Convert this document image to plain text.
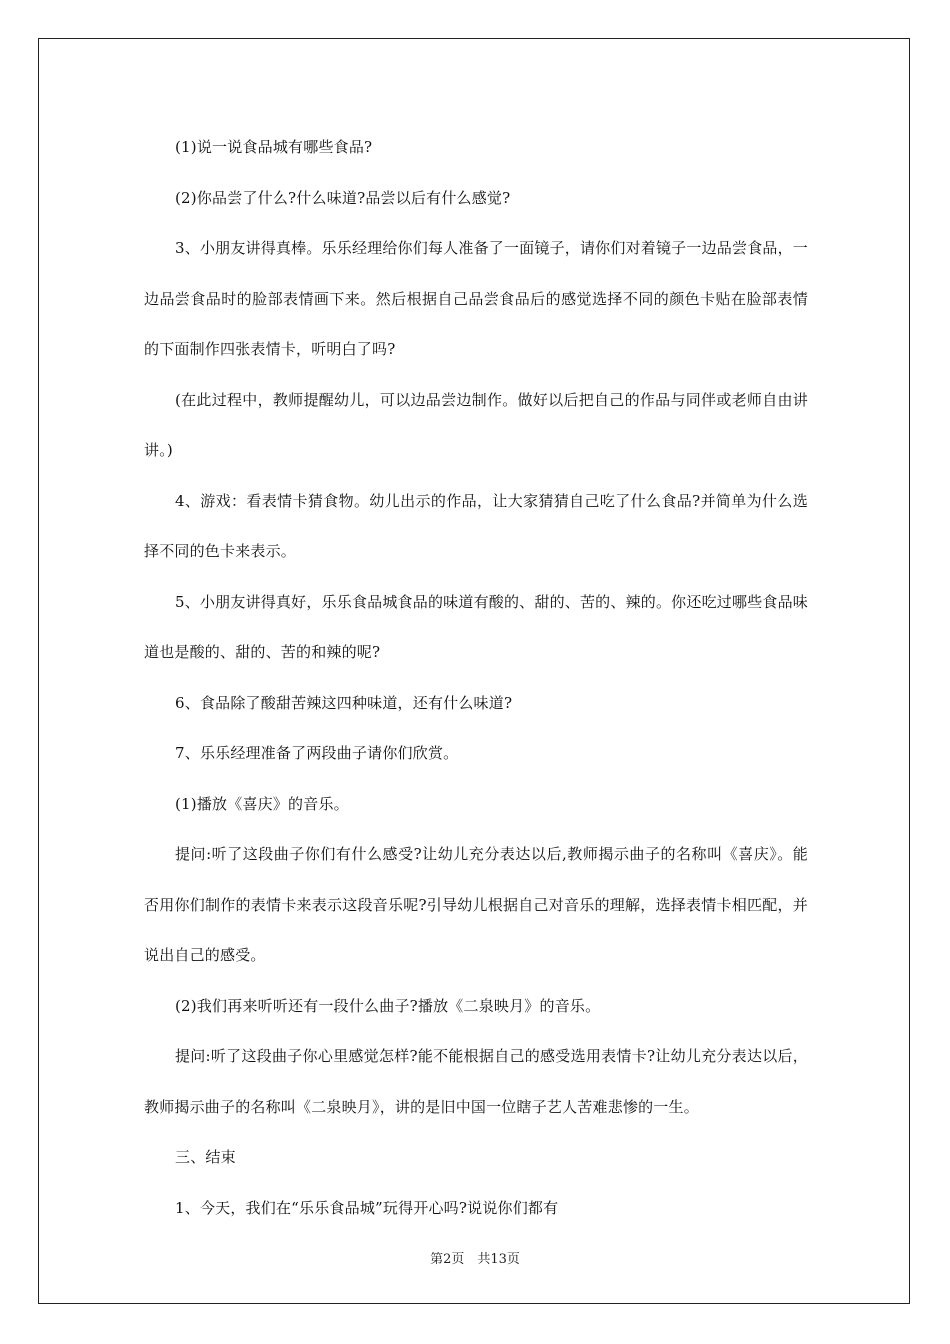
(1)说一说食品城有哪些食品?

(2)你品尝了什么?什么味道?品尝以后有什么感觉?

3、小朋友讲得真棒。乐乐经理给你们每人准备了一面镜子，请你们对着镜子一边品尝食品，一边品尝食品时的脸部表情画下来。然后根据自己品尝食品后的感觉选择不同的颜色卡贴在脸部表情的下面制作四张表情卡，听明白了吗?

(在此过程中，教师提醒幼儿，可以边品尝边制作。做好以后把自己的作品与同伴或老师自由讲讲。)

4、游戏：看表情卡猜食物。幼儿出示的作品，让大家猜猜自己吃了什么食品?并简单为什么选择不同的色卡来表示。

5、小朋友讲得真好，乐乐食品城食品的味道有酸的、甜的、苦的、辣的。你还吃过哪些食品味道也是酸的、甜的、苦的和辣的呢?

6、食品除了酸甜苦辣这四种味道，还有什么味道?

7、乐乐经理准备了两段曲子请你们欣赏。

(1)播放《喜庆》的音乐。

提问:听了这段曲子你们有什么感受?让幼儿充分表达以后,教师揭示曲子的名称叫《喜庆》。能否用你们制作的表情卡来表示这段音乐呢?引导幼儿根据自己对音乐的理解，选择表情卡相匹配，并说出自己的感受。

(2)我们再来听听还有一段什么曲子?播放《二泉映月》的音乐。

提问:听了这段曲子你心里感觉怎样?能不能根据自己的感受选用表情卡?让幼儿充分表达以后，教师揭示曲子的名称叫《二泉映月》，讲的是旧中国一位瞎子艺人苦难悲惨的一生。

三、结束

1、今天，我们在“乐乐食品城”玩得开心吗?说说你们都有

第2页　共13页
